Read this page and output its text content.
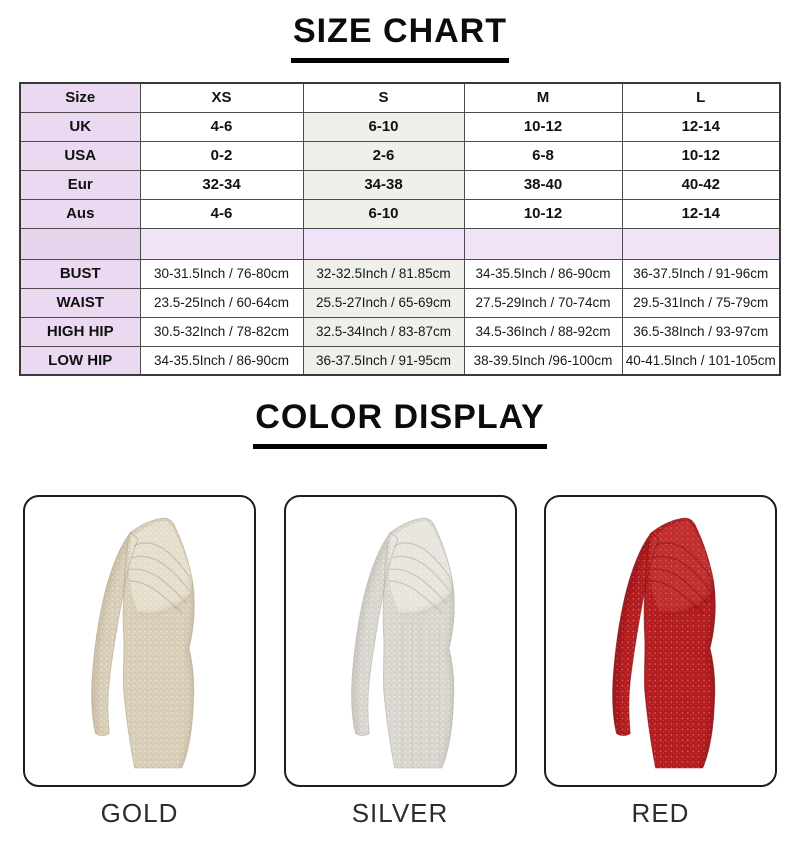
SIZE CHART
Size	XS	S	M	L
UK	4-6	6-10	10-12	12-14
USA	0-2	2-6	6-8	10-12
Eur	32-34	34-38	38-40	40-42
Aus	4-6	6-10	10-12	12-14

BUST	30-31.5Inch / 76-80cm	32-32.5Inch / 81.85cm	34-35.5Inch / 86-90cm	36-37.5Inch / 91-96cm
WAIST	23.5-25Inch / 60-64cm	25.5-27Inch / 65-69cm	27.5-29Inch / 70-74cm	29.5-31Inch / 75-79cm
HIGH HIP	30.5-32Inch / 78-82cm	32.5-34Inch / 83-87cm	34.5-36Inch / 88-92cm	36.5-38Inch / 93-97cm
LOW HIP	34-35.5Inch / 86-90cm	36-37.5Inch / 91-95cm	38-39.5Inch /96-100cm	40-41.5Inch / 101-105cm
COLOR DISPLAY
GOLD	SILVER	RED
